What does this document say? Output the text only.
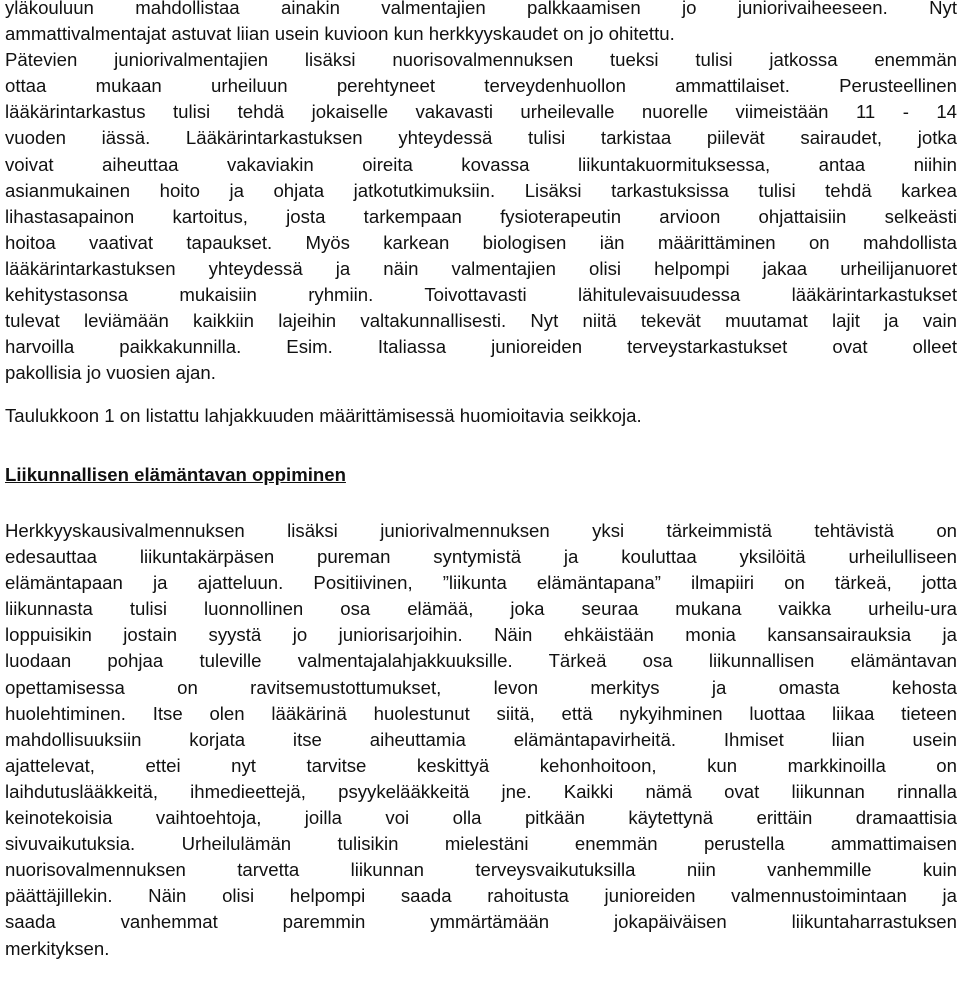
yläkouluun mahdollistaa ainakin valmentajien palkkaamisen jo juniorivaiheeseen. Nyt
ammattivalmentajat astuvat liian usein kuvioon kun herkkyyskaudet on jo ohitettu.
Pätevien juniorivalmentajien lisäksi nuorisovalmennuksen tueksi tulisi jatkossa enemmän
ottaa mukaan urheiluun perehtyneet terveydenhuollon ammattilaiset. Perusteellinen
lääkärintarkastus tulisi tehdä jokaiselle vakavasti urheilevalle nuorelle viimeistään 11 - 14
vuoden iässä. Lääkärintarkastuksen yhteydessä tulisi tarkistaa piilevät sairaudet, jotka
voivat aiheuttaa vakaviakin oireita kovassa liikuntakuormituksessa, antaa niihin
asianmukainen hoito ja ohjata jatkotutkimuksiin. Lisäksi tarkastuksissa tulisi tehdä karkea
lihastasapainon kartoitus, josta tarkempaan fysioterapeutin arvioon ohjattaisiin selkeästi
hoitoa vaativat tapaukset. Myös karkean biologisen iän määrittäminen on mahdollista
lääkärintarkastuksen yhteydessä ja näin valmentajien olisi helpompi jakaa urheilijanuoret
kehitystasonsa mukaisiin ryhmiin. Toivottavasti lähitulevaisuudessa lääkärintarkastukset
tulevat leviämään kaikkiin lajeihin valtakunnallisesti. Nyt niitä tekevät muutamat lajit ja vain
harvoilla paikkakunnilla. Esim. Italiassa junioreiden terveystarkastukset ovat olleet
pakollisia jo vuosien ajan.
Taulukkoon 1 on listattu lahjakkuuden määrittämisessä huomioitavia seikkoja.
Liikunnallisen elämäntavan oppiminen
Herkkyyskausivalmennuksen lisäksi juniorivalmennuksen yksi tärkeimmistä tehtävistä on
edesauttaa liikuntakärpäsen pureman syntymistä ja kouluttaa yksilöitä urheilulliseen
elämäntapaan ja ajatteluun. Positiivinen, ”liikunta elämäntapana” ilmapiiri on tärkeä, jotta
liikunnasta tulisi luonnollinen osa elämää, joka seuraa mukana vaikka urheilu-ura
loppuisikin jostain syystä jo juniorisarjoihin. Näin ehkäistään monia kansansairauksia ja
luodaan pohjaa tuleville valmentajalahjakkuuksille. Tärkeä osa liikunnallisen elämäntavan
opettamisessa on ravitsemustottumukset, levon merkitys ja omasta kehosta
huolehtiminen. Itse olen lääkärinä huolestunut siitä, että nykyihminen luottaa liikaa tieteen
mahdollisuuksiin korjata itse aiheuttamia elämäntapavirheitä. Ihmiset liian usein
ajattelevat, ettei nyt tarvitse keskittyä kehonhoitoon, kun markkinoilla on
laihdutuslääkkeitä, ihmedieettejä, psyykelääkkeitä jne. Kaikki nämä ovat liikunnan rinnalla
keinotekoisia vaihtoehtoja, joilla voi olla pitkään käytettynä erittäin dramaattisia
sivuvaikutuksia. Urheilulämän tulisikin mielestäni enemmän perustella ammattimaisen
nuorisovalmennuksen tarvetta liikunnan terveysvaikutuksilla niin vanhemmille kuin
päättäjillekin. Näin olisi helpompi saada rahoitusta junioreiden valmennustoimintaan ja
saada vanhemmat paremmin ymmärtämään jokapäiväisen liikuntaharrastuksen
merkityksen.
